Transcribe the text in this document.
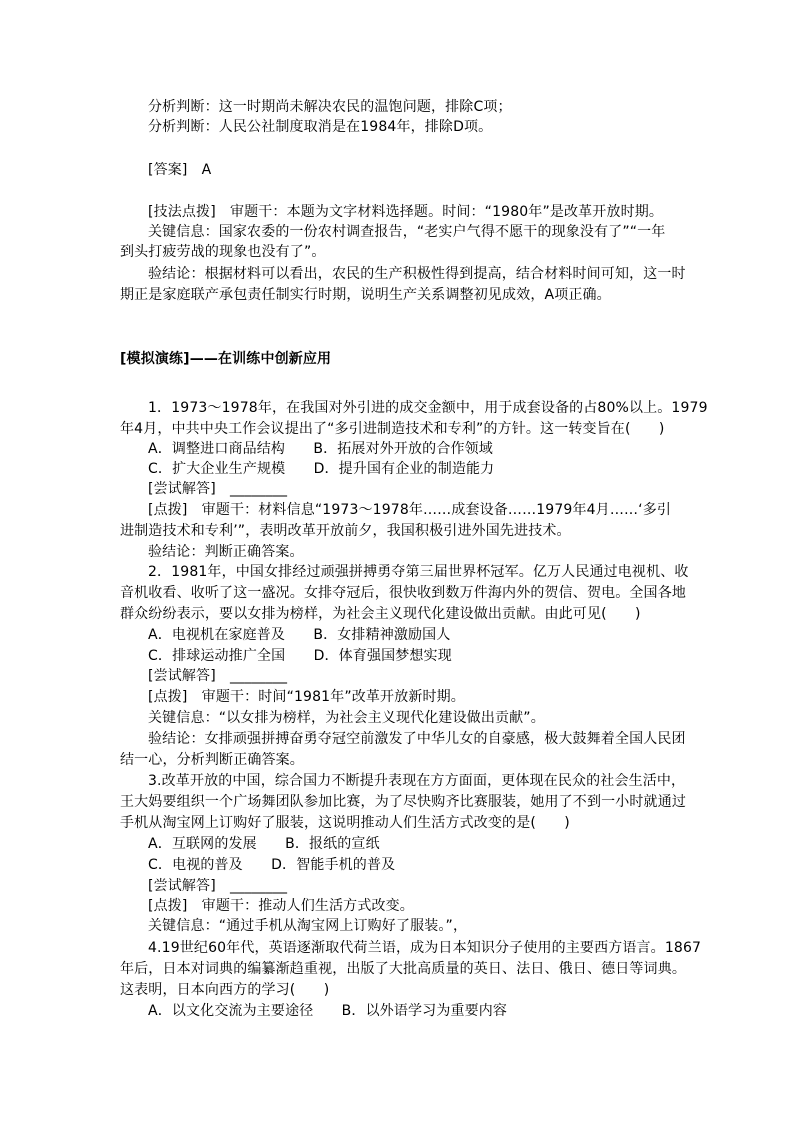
分析判断：这一时期尚未解决农民的温饱问题，排除C项；
分析判断：人民公社制度取消是在1984年，排除D项。
[答案]　A
[技法点拨]　审题干：本题为文字材料选择题。时间：“1980年”是改革开放时期。
关键信息：国家农委的一份农村调查报告，“老实户气得不愿干的现象没有了”“一年
到头打疲劳战的现象也没有了”。
验结论：根据材料可以看出，农民的生产积极性得到提高，结合材料时间可知，这一时
期正是家庭联产承包责任制实行时期，说明生产关系调整初见成效，A项正确。
[模拟演练]——在训练中创新应用
1．1973～1978年，在我国对外引进的成交金额中，用于成套设备的占80%以上。1979
年4月，中共中央工作会议提出了“多引进制造技术和专利”的方针。这一转变旨在(　　)
A．调整进口商品结构　　B．拓展对外开放的合作领域
C．扩大企业生产规模　　D．提升国有企业的制造能力
[尝试解答]　________
[点拨]　审题干：材料信息“1973～1978年……成套设备……1979年4月……‘多引
进制造技术和专利’”，表明改革开放前夕，我国积极引进外国先进技术。
验结论：判断正确答案。
2．1981年，中国女排经过顽强拼搏勇夺第三届世界杯冠军。亿万人民通过电视机、收
音机收看、收听了这一盛况。女排夺冠后，很快收到数万件海内外的贺信、贺电。全国各地
群众纷纷表示，要以女排为榜样，为社会主义现代化建设做出贡献。由此可见(　　)
A．电视机在家庭普及　　B．女排精神激励国人
C．排球运动推广全国　　D．体育强国梦想实现
[尝试解答]　________
[点拨]　审题干：时间“1981年”改革开放新时期。
关键信息：“以女排为榜样，为社会主义现代化建设做出贡献”。
验结论：女排顽强拼搏奋勇夺冠空前激发了中华儿女的自豪感，极大鼓舞着全国人民团
结一心，分析判断正确答案。
3.改革开放的中国，综合国力不断提升表现在方方面面，更体现在民众的社会生活中，
王大妈要组织一个广场舞团队参加比赛，为了尽快购齐比赛服装，她用了不到一小时就通过
手机从淘宝网上订购好了服装，这说明推动人们生活方式改变的是(　　)
A．互联网的发展　　B．报纸的宣纸
C．电视的普及　　D．智能手机的普及
[尝试解答]　________
[点拨]　审题干：推动人们生活方式改变。
关键信息：“通过手机从淘宝网上订购好了服装。”，
4.19世纪60年代，英语逐渐取代荷兰语，成为日本知识分子使用的主要西方语言。1867
年后，日本对词典的编纂渐趋重视，出版了大批高质量的英日、法日、俄日、德日等词典。
这表明，日本向西方的学习(　　)
A．以文化交流为主要途径　　B．以外语学习为重要内容
